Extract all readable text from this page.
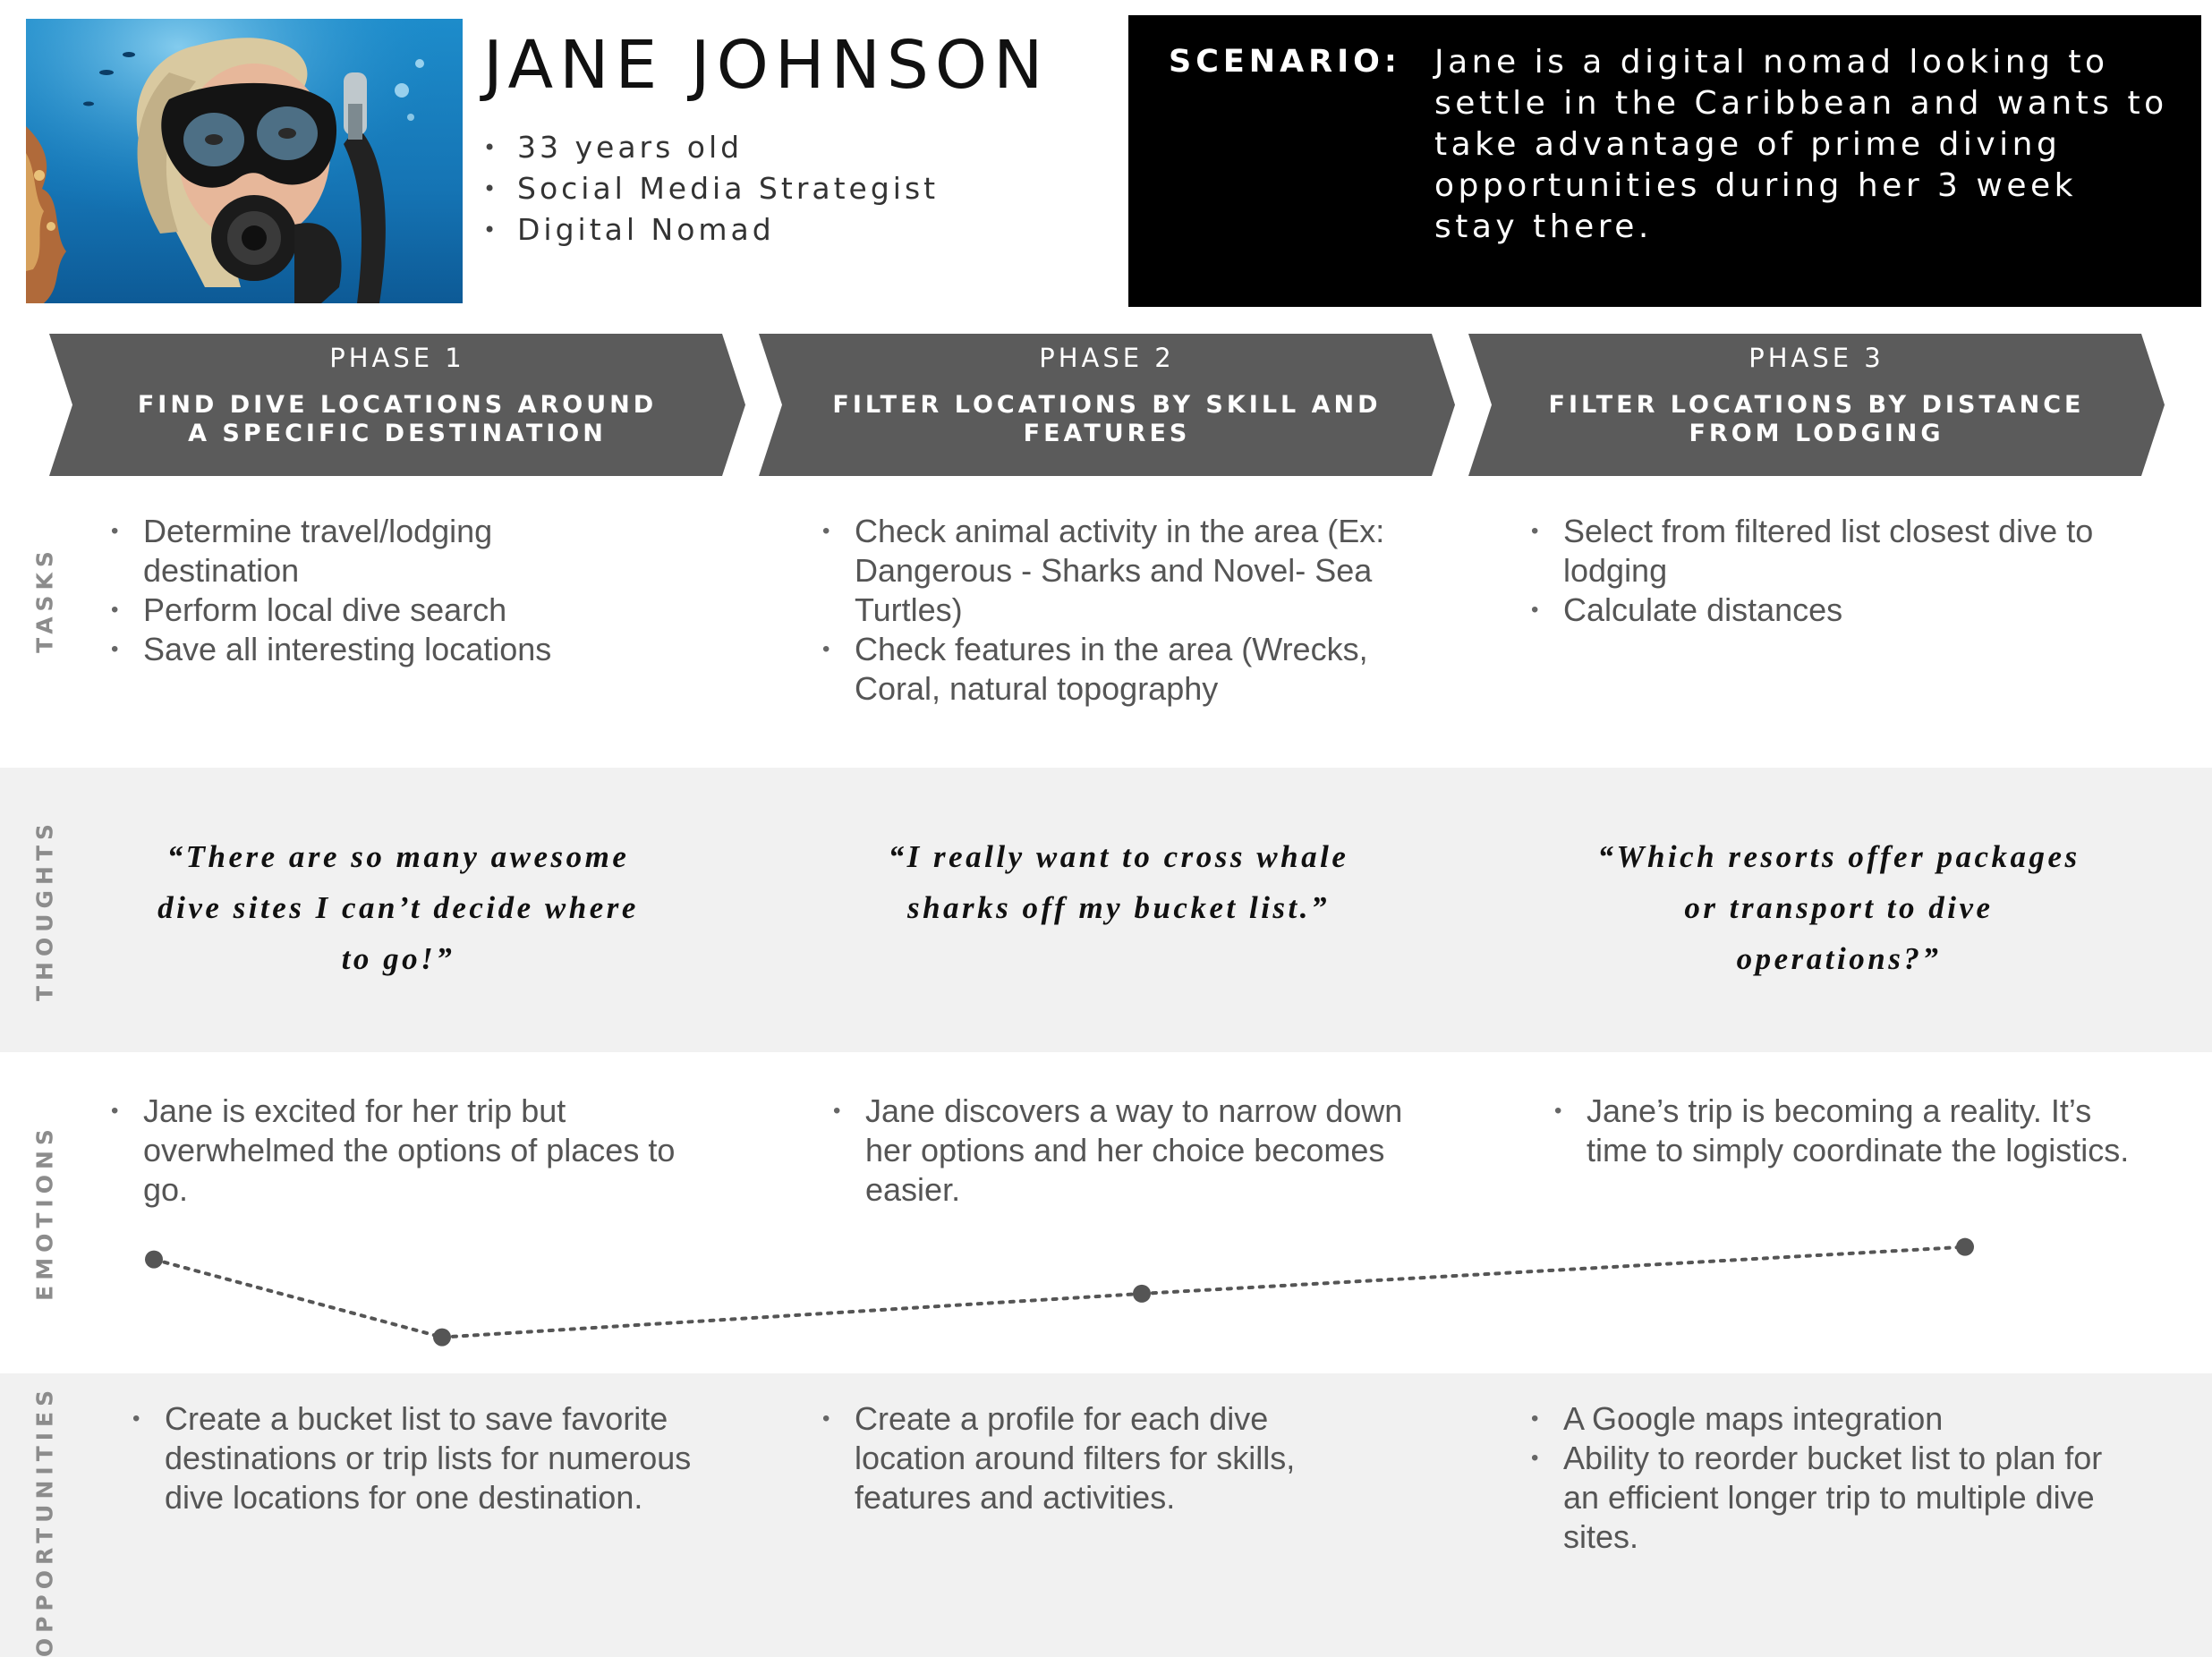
JANE JOHNSON
• 33 years old
• Social Media Strategist
• Digital Nomad
SCENARIO: Jane is a digital nomad looking to settle in the Caribbean and wants to take advantage of prime diving opportunities during her 3 week stay there.
PHASE 1
FIND DIVE LOCATIONS AROUND A SPECIFIC DESTINATION
PHASE 2
FILTER LOCATIONS BY SKILL AND FEATURES
PHASE 3
FILTER LOCATIONS BY DISTANCE FROM LODGING
TASKS
• Determine travel/lodging destination
• Perform local dive search
• Save all interesting locations
• Check animal activity in the area (Ex: Dangerous - Sharks and Novel- Sea Turtles)
• Check features in the area (Wrecks, Coral, natural topography
• Select from filtered list closest dive to lodging
• Calculate distances
THOUGHTS	“There are so many awesome dive sites I can’t decide where to go!”
“I really want to cross whale sharks off my bucket list.”
“Which resorts offer packages or transport to dive operations?”
EMOTIONS
• Jane is excited for her trip but overwhelmed the options of places to go.
• Jane discovers a way to narrow down her options and her choice becomes easier.
• Jane’s trip is becoming a reality. It’s time to simply coordinate the logistics.
OPPORTUNITIES
•	Create a bucket list to save favorite destinations or trip lists for numerous dive locations for one destination.
• Create a profile for each dive location around filters for skills, features and activities.
• A Google maps integration
• Ability to reorder bucket list to plan for an efficient longer trip to multiple dive sites.
